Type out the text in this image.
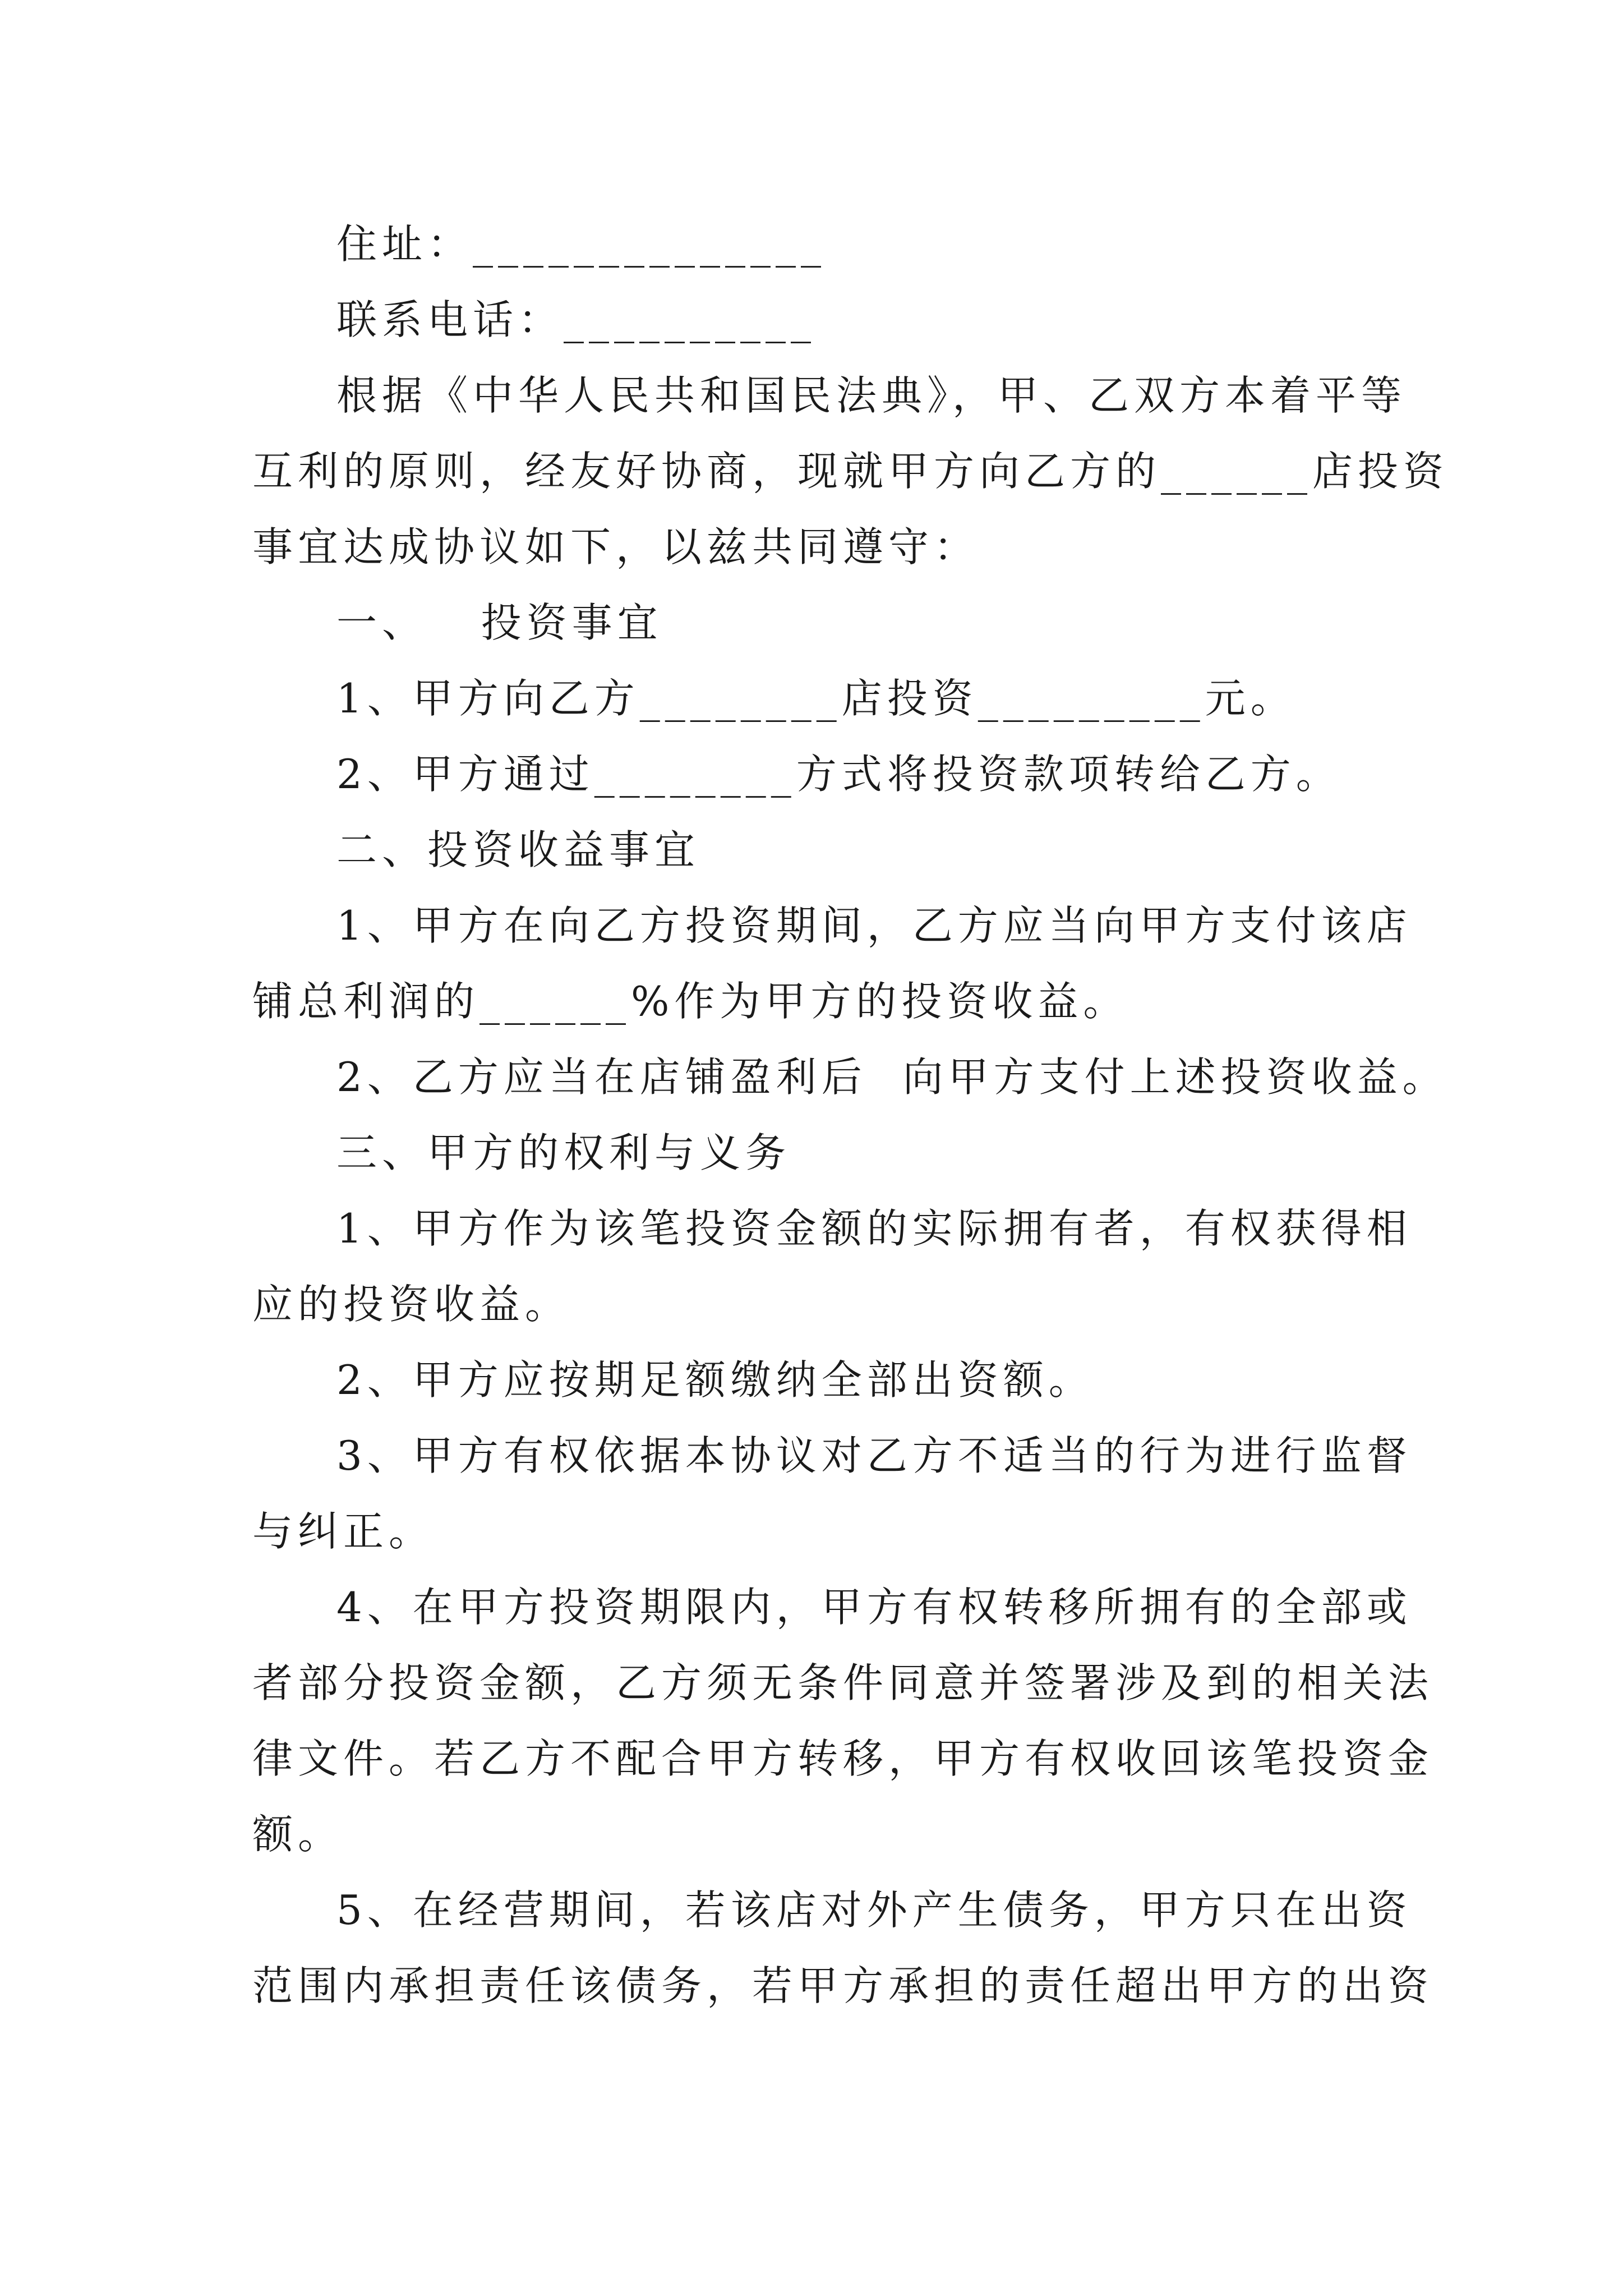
住址：______________
联系电话：__________
根据《中华人民共和国民法典》，甲、乙双方本着平等
互利的原则，经友好协商，现就甲方向乙方的______店投资
事宜达成协议如下，以兹共同遵守：
一、   投资事宜
1、甲方向乙方________店投资_________元。
2、甲方通过________方式将投资款项转给乙方。
二、投资收益事宜
1、甲方在向乙方投资期间，乙方应当向甲方支付该店
铺总利润的______%作为甲方的投资收益。
2、乙方应当在店铺盈利后  向甲方支付上述投资收益。
三、甲方的权利与义务
1、甲方作为该笔投资金额的实际拥有者，有权获得相
应的投资收益。
2、甲方应按期足额缴纳全部出资额。
3、甲方有权依据本协议对乙方不适当的行为进行监督
与纠正。
4、在甲方投资期限内，甲方有权转移所拥有的全部或
者部分投资金额，乙方须无条件同意并签署涉及到的相关法
律文件。若乙方不配合甲方转移，甲方有权收回该笔投资金
额。
5、在经营期间，若该店对外产生债务，甲方只在出资
范围内承担责任该债务，若甲方承担的责任超出甲方的出资
